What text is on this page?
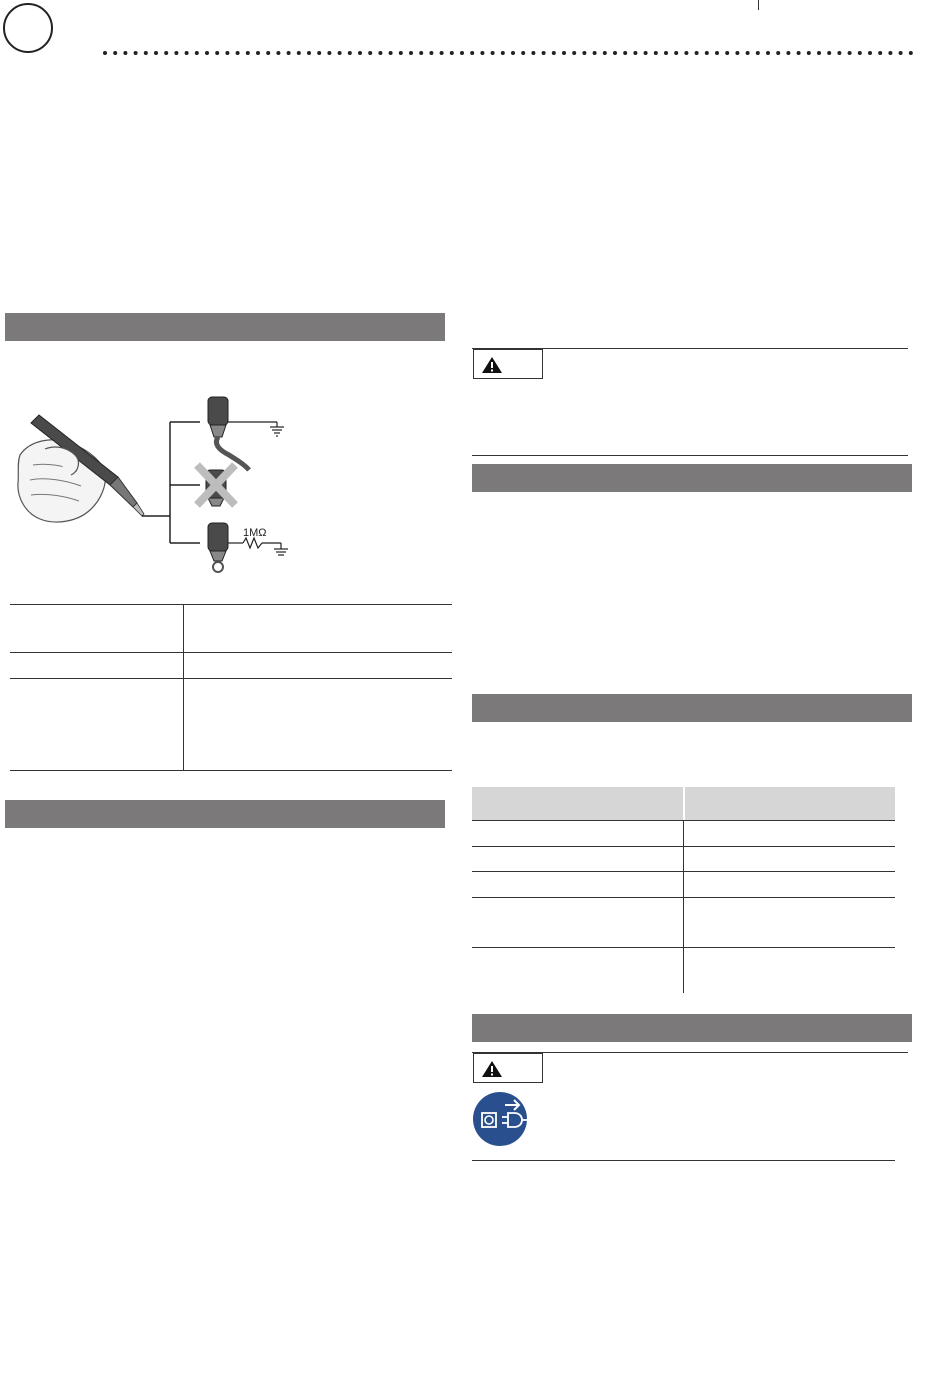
1MΩ
